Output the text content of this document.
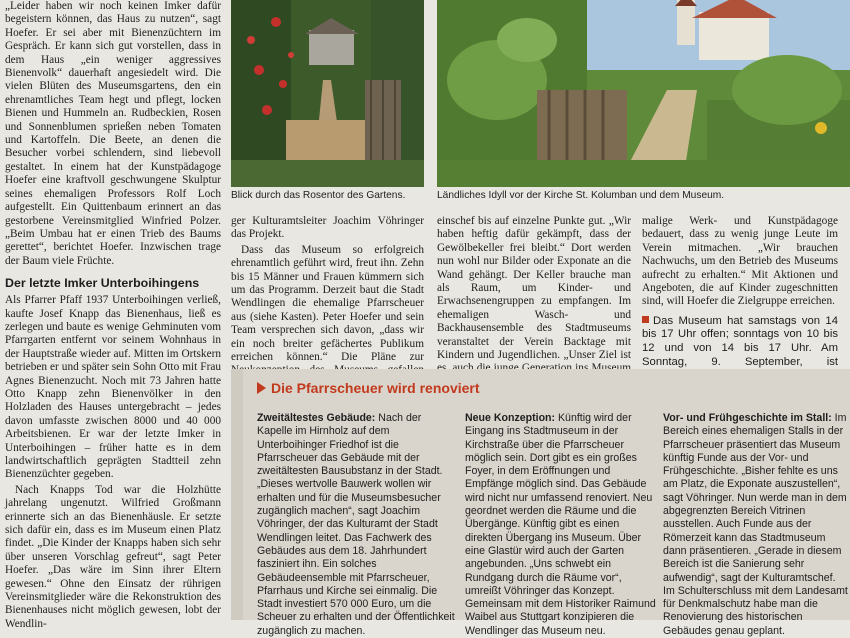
„Leider haben wir noch keinen Imker dafür begeistern können, das Haus zu nutzen“, sagt Hoefer. Er sei aber mit Bienenzüchtern im Gespräch. Er kann sich gut vorstellen, dass in dem Haus „ein weniger aggressives Bienenvolk“ dauerhaft angesiedelt wird. Die vielen Blüten des Museumsgartens, den ein ehrenamtliches Team hegt und pflegt, locken Bienen und Hummeln an. Rudbeckien, Rosen und Sonnenblumen sprießen neben Tomaten und Kartoffeln. Die Beete, an denen die Besucher vorbei schlendern, sind liebevoll gestaltet. In einem hat der Kunstpädagoge Hoefer eine kraftvoll geschwungene Skulptur seines ehemaligen Professors Rolf Loch aufgestellt. Ein Quittenbaum erinnert an das gestorbene Vereinsmitglied Winfried Polzer. „Beim Umbau hat er einen Trieb des Baums gerettet“, berichtet Hoefer. Inzwischen trage der Baum viele Früchte.

Der letzte Imker Unterboihingens

Als Pfarrer Pfaff 1937 Unterboihingen verließ, kaufte Josef Knapp das Bienenhaus, ließ es zerlegen und baute es wenige Gehminuten vom Pfarrgarten entfernt vor seinem Wohnhaus in der Hauptstraße wieder auf. Mitten im Ortskern betrieben er und später sein Sohn Otto mit Frau Agnes Bienenzucht. Noch mit 73 Jahren hatte Otto Knapp zehn Bienenvölker in den Holzladen des Hauses untergebracht – jedes davon umfasste zwischen 8000 und 40 000 Arbeitsbienen. Er war der letzte Imker in Unterboihingen – früher hatte es in dem landwirtschaftlich geprägten Stadtteil zehn Bienenzüchter gegeben.

Nach Knapps Tod war die Holzhütte jahrelang ungenutzt. Wilfried Großmann erinnerte sich an das Bienenhäusle. Er setzte sich dafür ein, dass es im Museum einen Platz findet. „Die Kinder der Knapps haben sich sehr über unseren Vorschlag gefreut“, sagt Peter Hoefer. „Das wäre im Sinn ihrer Eltern gewesen.“ Ohne den Einsatz der rührigen Vereinsmitglieder wäre die Rekonstruktion des Bienenhauses nicht möglich gewesen, lobt der Wendlin-

Blick durch das Rosentor des Gartens.	Ländliches Idyll vor der Kirche St. Kolumban und dem Museum.

ger Kulturamtsleiter Joachim Vöhringer das Projekt.

Dass das Museum so erfolgreich ehrenamtlich geführt wird, freut ihn. Zehn bis 15 Männer und Frauen kümmern sich um das Programm. Derzeit baut die Stadt Wendlingen die ehemalige Pfarrscheuer aus (siehe Kasten). Peter Hoefer und sein Team versprechen sich davon, „dass wir ein noch breiter gefächertes Publikum erreichen können.“ Die Pläne zur

einschef bis auf einzelne Punkte gut. „Wir haben heftig dafür gekämpft, dass der Gewölbekeller frei bleibt.“ Dort werden nun wohl nur Bilder oder Exponate an die Wand gehängt. Der Keller brauche man als Raum, um Kinder- und Erwachsenengruppen zu empfangen. Im ehemaligen Wasch- und Backhausensemble des Stadtmuseums veranstaltet der Verein Backtage mit Kindern und Jugendlichen. „Unser Ziel ist

malige Werk- und Kunstpädagoge bedauert, dass zu wenig junge Leute im Verein mitmachen. „Wir brauchen Nachwuchs, um den Betrieb des Museums aufrecht zu erhalten.“ Mit Aktionen und Angeboten, die auf Kinder zugeschnitten sind, will Hoefer die Zielgruppe erreichen.

Das Museum hat samstags von 14 bis 17 Uhr offen; sonntags von 10 bis 12 und von 14 bis 17 Uhr. Am Sonntag, 9. September, ist

Die Pfarrscheuer wird renoviert

Zweitältestes Gebäude: Nach der Kapelle im Hirnholz auf dem Unterboihinger Friedhof ist die Pfarrscheuer das Gebäude mit der zweitältesten Bausubstanz in der Stadt. „Dieses wertvolle Bauwerk wollen wir erhalten und für die Museumsbesucher zugänglich machen“, sagt Joachim Vöhringer, der das Kulturamt der Stadt Wendlingen leitet. Das Fachwerk des Gebäudes aus dem 18. Jahrhundert fasziniert ihn. Ein solches Gebäudeensemble mit Pfarrscheuer, Pfarrhaus und Kirche sei einmalig. Die Stadt investiert 570 000 Euro, um die Scheuer zu erhalten und der Öffentlichkeit zugänglich zu machen.

Neue Konzeption: Künftig wird der Eingang ins Stadtmuseum in der Kirchstraße über die Pfarrscheuer möglich sein. Dort gibt es ein großes Foyer, in dem Eröffnungen und Empfänge möglich sind. Das Gebäude wird nicht nur umfassend renoviert. Neu geordnet werden die Räume und die Übergänge. Künftig gibt es einen direkten Übergang ins Museum. Über eine Glastür wird auch der Garten angebunden. „Uns schwebt ein Rundgang durch die Räume vor“, umreißt Vöhringer das Konzept. Gemeinsam mit dem Historiker Raimund Waibel aus Stuttgart konzipieren die Wendlinger das Museum neu.

Vor- und Frühgeschichte im Stall: Im Bereich eines ehemaligen Stalls in der Pfarrscheuer präsentiert das Museum künftig Funde aus der Vor- und Frühgeschichte. „Bisher fehlte es uns am Platz, die Exponate auszustellen“, sagt Vöhringer. Nun werde man in dem abgegrenzten Bereich Vitrinen ausstellen. Auch Funde aus der Römerzeit kann das Stadtmuseum dann präsentieren. „Gerade in diesem Bereich ist die Sanierung sehr aufwendig“, sagt der Kulturamtschef. Im Schulterschluss mit dem Landesamt für Denkmalschutz habe man die Renovierung des historischen Gebäudes genau geplant.
